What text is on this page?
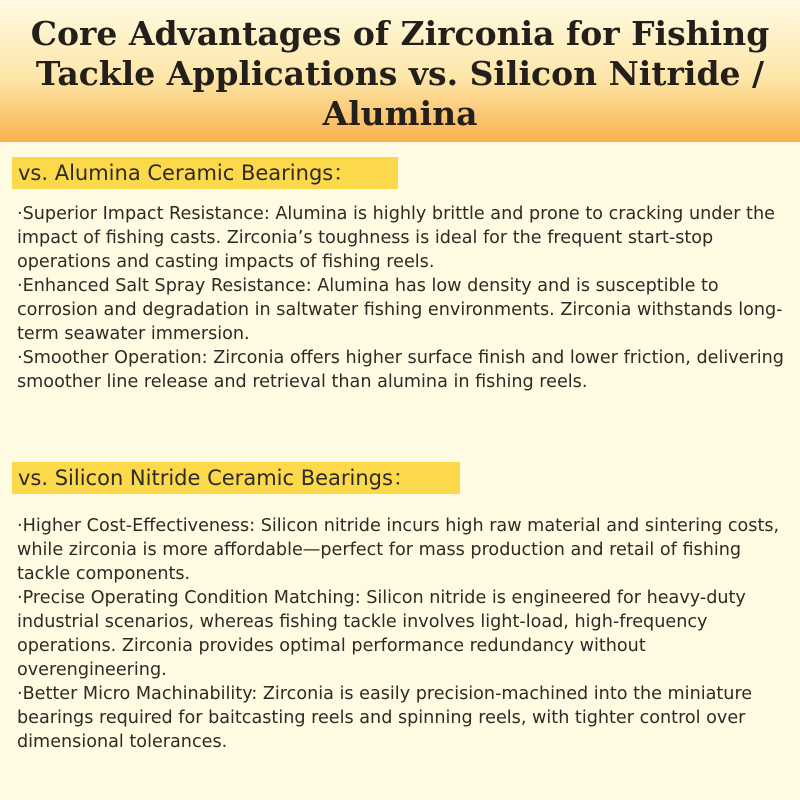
Core Advantages of Zirconia for Fishing Tackle Applications vs. Silicon Nitride / Alumina
vs. Alumina Ceramic Bearings：

·Superior Impact Resistance: Alumina is highly brittle and prone to cracking under the impact of fishing casts. Zirconia’s toughness is ideal for the frequent start-stop operations and casting impacts of fishing reels.

·Enhanced Salt Spray Resistance: Alumina has low density and is susceptible to corrosion and degradation in saltwater fishing environments. Zirconia withstands long-term seawater immersion.

·Smoother Operation: Zirconia offers higher surface finish and lower friction, delivering smoother line release and retrieval than alumina in fishing reels.

vs. Silicon Nitride Ceramic Bearings：

·Higher Cost-Effectiveness: Silicon nitride incurs high raw material and sintering costs, while zirconia is more affordable—perfect for mass production and retail of fishing tackle components.

·Precise Operating Condition Matching: Silicon nitride is engineered for heavy-duty industrial scenarios, whereas fishing tackle involves light-load, high-frequency operations. Zirconia provides optimal performance redundancy without overengineering.

·Better Micro Machinability: Zirconia is easily precision-machined into the miniature bearings required for baitcasting reels and spinning reels, with tighter control over dimensional tolerances.
